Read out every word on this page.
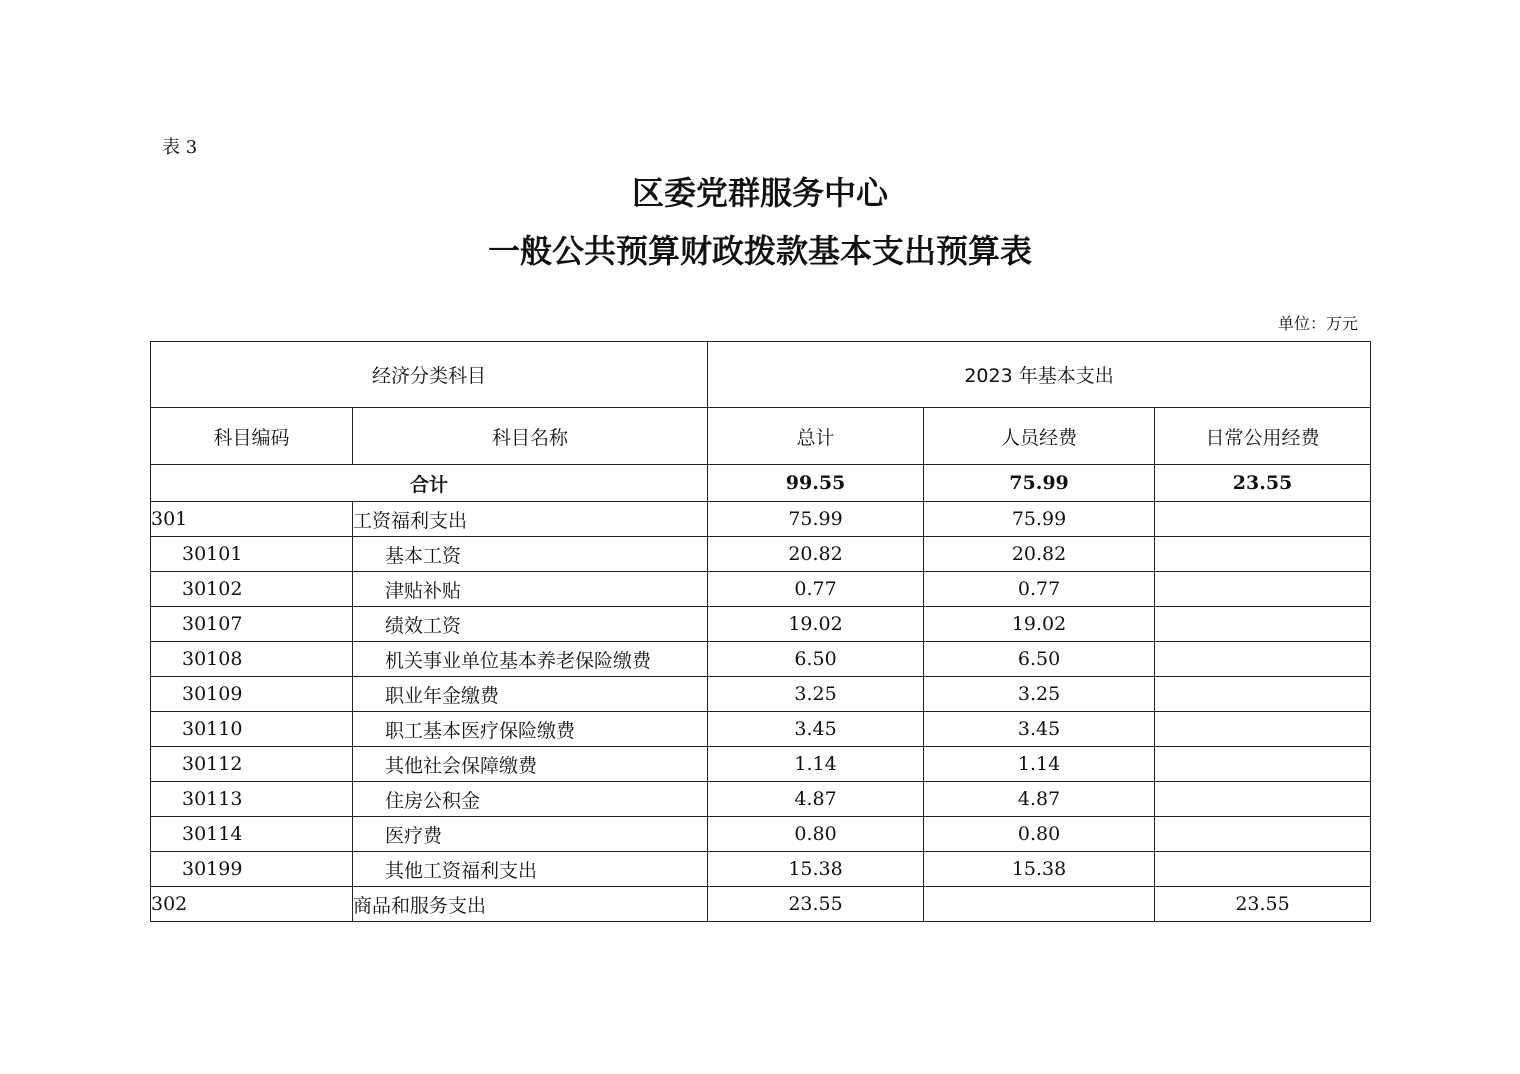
表 3
区委党群服务中心
一般公共预算财政拨款基本支出预算表
单位：万元
经济分类科目		2023 年基本支出		
科目编码	科目名称	总计	人员经费	日常公用经费
合计		99.55	75.99	23.55
301	工资福利支出	75.99	75.99	
30101	基本工资	20.82	20.82	
30102	津贴补贴	0.77	0.77	
30107	绩效工资	19.02	19.02	
30108	机关事业单位基本养老保险缴费	6.50	6.50	
30109	职业年金缴费	3.25	3.25	
30110	职工基本医疗保险缴费	3.45	3.45	
30112	其他社会保障缴费	1.14	1.14	
30113	住房公积金	4.87	4.87	
30114	医疗费	0.80	0.80	
30199	其他工资福利支出	15.38	15.38	
302	商品和服务支出	23.55		23.55
